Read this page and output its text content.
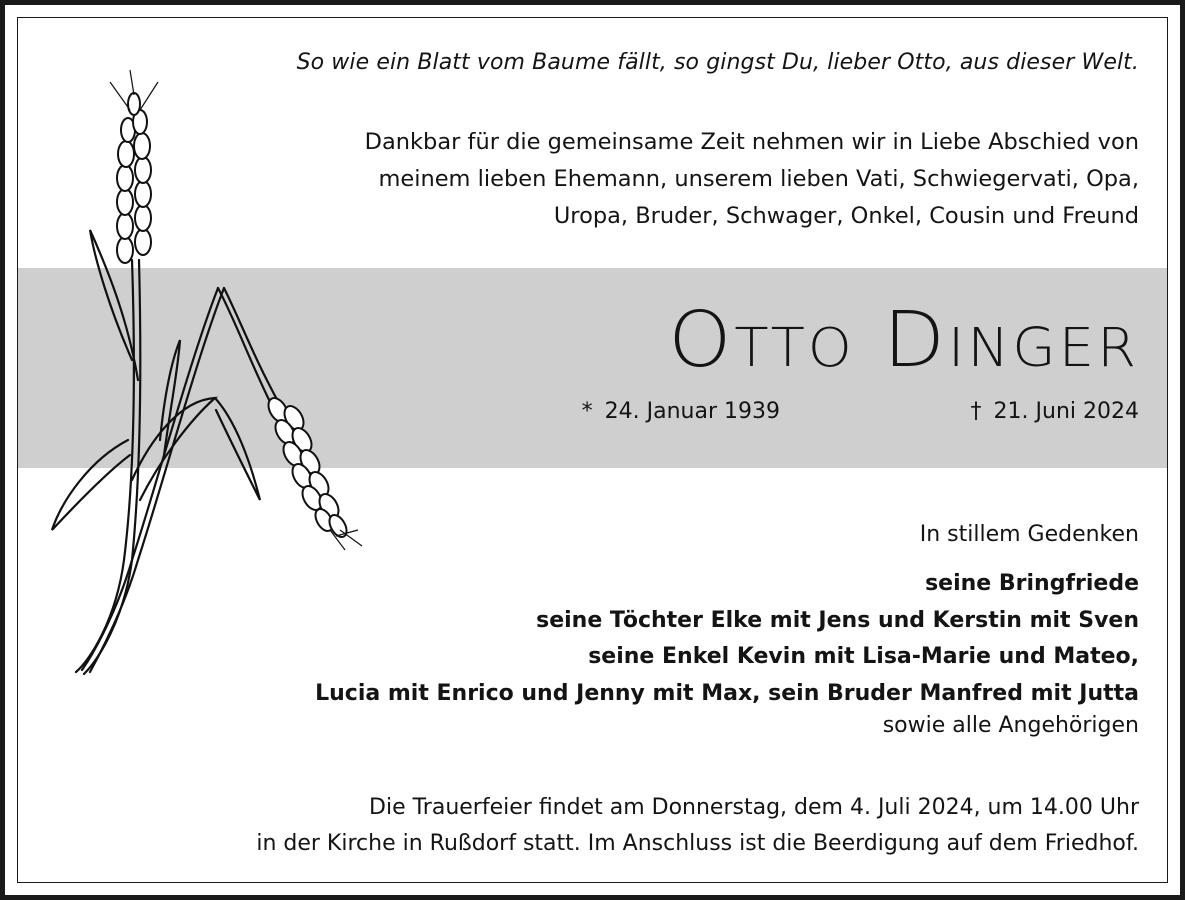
So wie ein Blatt vom Baume fällt, so gingst Du, lieber Otto, aus dieser Welt.

Dankbar für die gemeinsame Zeit nehmen wir in Liebe Abschied von
meinem lieben Ehemann, unserem lieben Vati, Schwiegervati, Opa,
Uropa, Bruder, Schwager, Onkel, Cousin und Freund
Otto Dinger
* 24. Januar 1939	† 21. Juni 2024

In stillem Gedenken

seine Bringfriede
seine Töchter Elke mit Jens und Kerstin mit Sven
seine Enkel Kevin mit Lisa-Marie und Mateo,
Lucia mit Enrico und Jenny mit Max, sein Bruder Manfred mit Jutta

sowie alle Angehörigen

Die Trauerfeier findet am Donnerstag, dem 4. Juli 2024, um 14.00 Uhr
in der Kirche in Rußdorf statt. Im Anschluss ist die Beerdigung auf dem Friedhof.
